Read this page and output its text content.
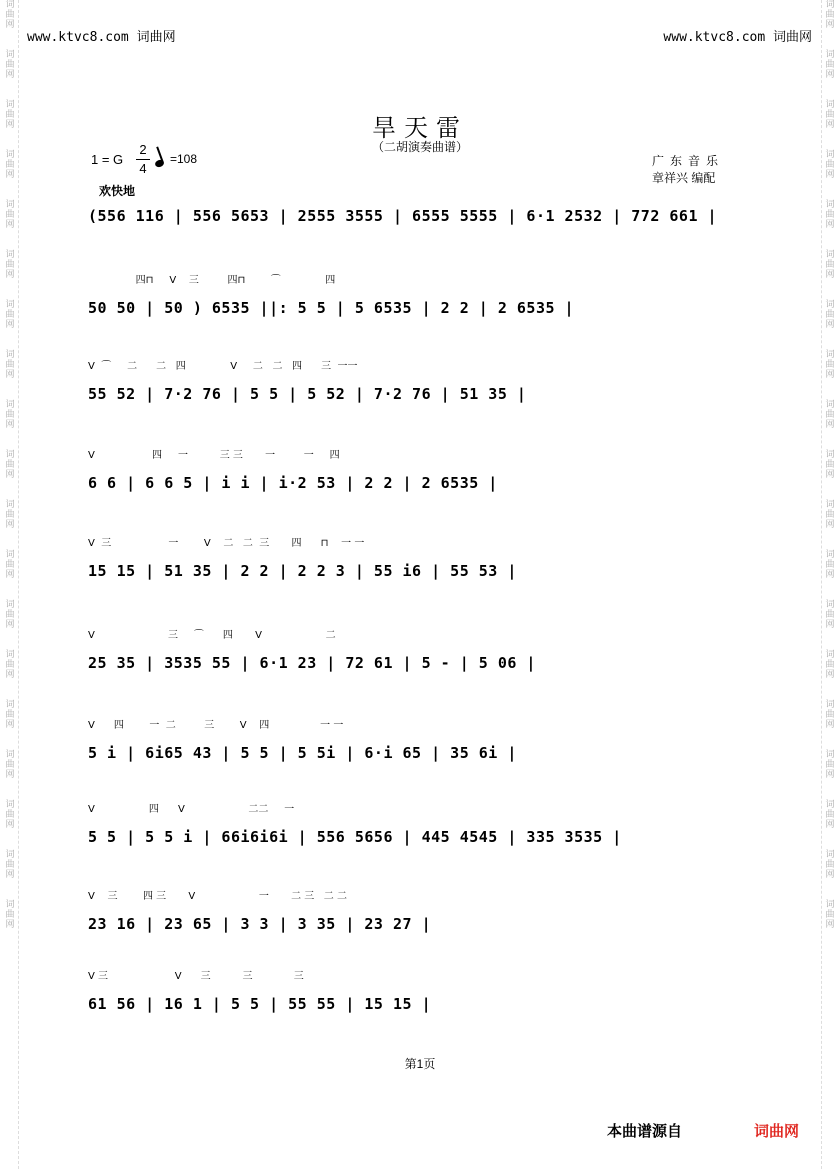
词
曲
网
词
曲
网
词
曲
网
词
曲
网
词
曲
网
词
曲
网
词
曲
网
词
曲
网
词
曲
网
词
曲
网
词
曲
网
词
曲
网
词
曲
网
词
曲
网
词
曲
网
词
曲
网
词
曲
网
词
曲
网
词
曲
网
词
曲
网
词
曲
网
词
曲
网
词
曲
网
词
曲
网
词
曲
网
词
曲
网
词
曲
网
词
曲
网
词
曲
网
词
曲
网
词
曲
网
词
曲
网
词
曲
网
词
曲
网
词
曲
网
词
曲
网
词
曲
网
词
曲
网
www.ktvc8.com 词曲网	www.ktvc8.com 词曲网
旱天雷
（二胡演奏曲谱）
1 = G
2
4
=108
欢快地
广东音乐
章祥兴 编配
(556 116 | 556 5653 | 2555 3555 | 6555 5555 | 6·1 2532 | 772 661 |
四⊓     V    三         四⊓        ⌒              四
50 50 | 50 ) 6535 ||: 5 5 | 5 6535 | 2 2 | 2 6535 |
V  ⌒     二      二   四              V     二   二   四      三  一一
55 52 | 7·2 76 | 5 5 | 5 52 | 7·2 76 | 51 35 |
V                  四     一          三 三       一         一     四
6 6 | 6 6 5 | i i | i·2 53 | 2 2 | 2 6535 |
V  三                  一        V    二   二  三       四      ⊓    一 一
15 15 | 51 35 | 2 2 | 2 2 3 | 55 i6 | 55 53 |
V                       三     ⌒      四       V                    二
25 35 | 3535 55 | 6·1 23 | 72 61 | 5 - | 5 06 |
V      四        一  二         三        V    四                一 一
5 i | 6i65 43 | 5 5 | 5 5i | 6·i 65 | 35 6i |
V                 四      V                    二二     一
5 5 | 5 5 i | 66i6i6i | 556 5656 | 445 4545 | 335 3535 |
V    三        四 三       V                    一       二 三   二 二
23 16 | 23 65 | 3 3 | 3 35 | 23 27 |
V 三                     V      三          三             三
61 56 | 16 1 | 5 5 | 55 55 | 15 15 |
第1页
本曲谱源自	词曲网
